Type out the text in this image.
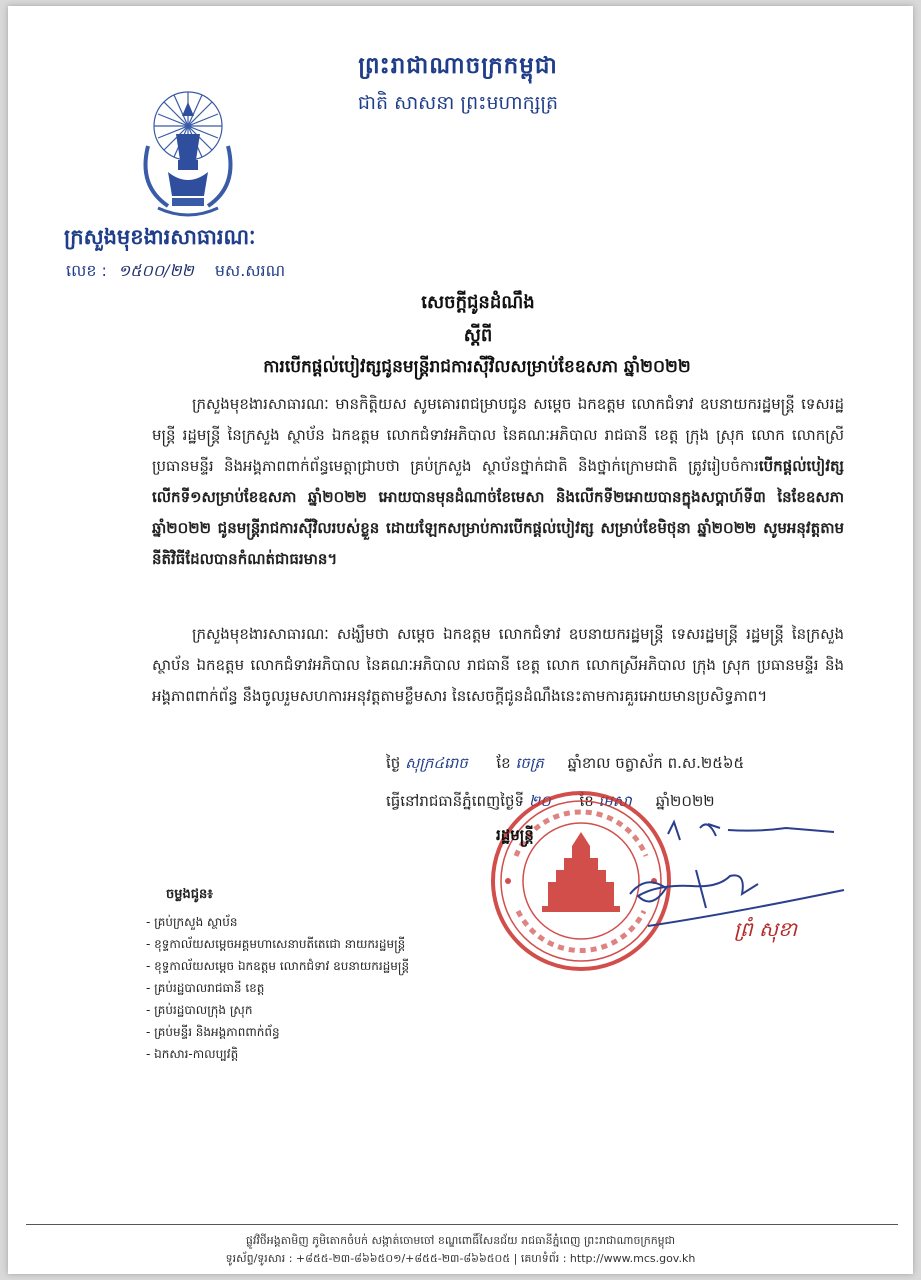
ព្រះរាជាណាចក្រកម្ពុជា
ជាតិ សាសនា ព្រះមហាក្សត្រ
ក្រសួងមុខងារសាធារណៈ
លេខ : ១៥០០/២២ មស.សរណ
សេចក្តីជូនដំណឹង
ស្តីពី
ការបើកផ្តល់បៀវត្សជូនមន្ត្រីរាជការស៊ីវិលសម្រាប់ខែឧសភា ឆ្នាំ២០២២
ក្រសួងមុខងារសាធារណៈ មានកិត្តិយស សូមគោរពជម្រាបជូន សម្តេច ឯកឧត្តម លោកជំទាវ ឧបនាយករដ្ឋមន្ត្រី ទេសរដ្ឋមន្ត្រី រដ្ឋមន្ត្រី នៃក្រសួង ស្ថាប័ន ឯកឧត្តម លោកជំទាវអភិបាល នៃគណៈអភិបាល រាជធានី ខេត្ត ក្រុង ស្រុក លោក លោកស្រីប្រធានមន្ទីរ និងអង្គភាពពាក់ព័ន្ធមេត្តាជ្រាបថា គ្រប់ក្រសួង ស្ថាប័នថ្នាក់ជាតិ និងថ្នាក់ក្រោមជាតិ ត្រូវរៀបចំការបើកផ្តល់បៀវត្សលើកទី១សម្រាប់ខែឧសភា ឆ្នាំ២០២២ អោយបានមុនដំណាច់ខែមេសា និងលើកទី២អោយបានក្នុងសប្តាហ៍ទី៣ នៃខែឧសភា ឆ្នាំ២០២២ ជូនមន្ត្រីរាជការស៊ីវិលរបស់ខ្លួន ដោយឡែកសម្រាប់ការបើកផ្តល់បៀវត្ស សម្រាប់ខែមិថុនា ឆ្នាំ២០២២ សូមអនុវត្តតាមនីតិវិធីដែលបានកំណត់ជាធរមាន។
ក្រសួងមុខងារសាធារណៈ សង្ឃឹមថា សម្តេច ឯកឧត្តម លោកជំទាវ ឧបនាយករដ្ឋមន្ត្រី ទេសរដ្ឋមន្ត្រី រដ្ឋមន្ត្រី នៃក្រសួង ស្ថាប័ន ឯកឧត្តម លោកជំទាវអភិបាល នៃគណៈអភិបាល រាជធានី ខេត្ត លោក លោកស្រីអភិបាល ក្រុង ស្រុក ប្រធានមន្ទីរ និងអង្គភាពពាក់ព័ន្ធ នឹងចូលរួមសហការអនុវត្តតាមខ្លឹមសារ នៃសេចក្តីជូនដំណឹងនេះតាមការគួរអោយមានប្រសិទ្ធភាព។
ថ្ងៃ សុក្រ៤រោច ខែ ចេត្រ ឆ្នាំខាល ចត្វាស័ក ព.ស.២៥៦៥
ធ្វើនៅរាជធានីភ្នំពេញថ្ងៃទី ២០ ខែ មេសា ឆ្នាំ២០២២
រដ្ឋមន្ត្រី
ព្រំ សុខា
ចម្លងជូន៖
- គ្រប់ក្រសួង ស្ថាប័ន
- ខុទ្ទកាល័យសម្តេចអគ្គមហាសេនាបតីតេជោ នាយករដ្ឋមន្ត្រី
- ខុទ្ទកាល័យសម្តេច ឯកឧត្តម លោកជំទាវ ឧបនាយករដ្ឋមន្ត្រី
- គ្រប់រដ្ឋបាលរាជធានី ខេត្ត
- គ្រប់រដ្ឋបាលក្រុង ស្រុក
- គ្រប់មន្ទីរ និងអង្គភាពពាក់ព័ន្ធ
- ឯកសារ-កាលប្បវត្តិ
ផ្លូវវិថីអង្គតាមិញ ភូមិតោកចំបក់ សង្កាត់ចោមចៅ ខណ្ឌពោធិ៍សែនជ័យ រាជធានីភ្នំពេញ ព្រះរាជាណាចក្រកម្ពុជា
ទូរស័ព្ទ/ទូរសារ : +៨៥៥-២៣-៨៦៦៥០១/+៨៥៥-២៣-៨៦៦៥០៥ | គេហទំព័រ : http://www.mcs.gov.kh
